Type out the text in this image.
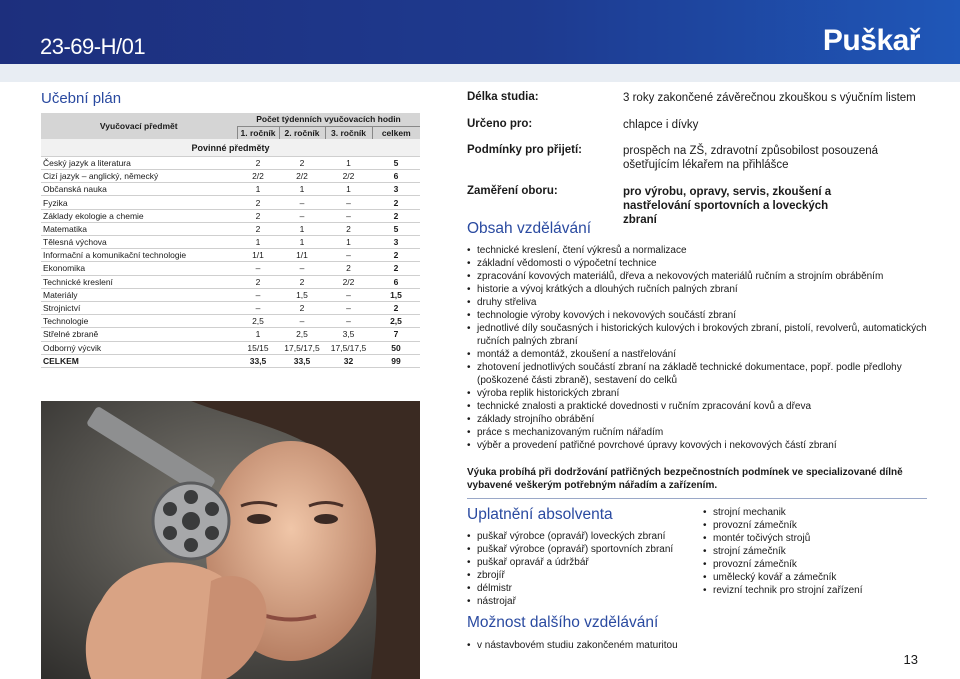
23-69-H/01	Puškař
Učební plán
Vyučovací předmět	Počet týdenních vyučovacích hodin			
	1. ročník	2. ročník	3. ročník	celkem
Povinné předměty				
Český jazyk a literatura	2	2	1	5
Cizí jazyk – anglický, německý	2/2	2/2	2/2	6
Občanská nauka	1	1	1	3
Fyzika	2	–	–	2
Základy ekologie a chemie	2	–	–	2
Matematika	2	1	2	5
Tělesná výchova	1	1	1	3
Informační a komunikační technologie	1/1	1/1	–	2
Ekonomika	–	–	2	2
Technické kreslení	2	2	2/2	6
Materiály	–	1,5	–	1,5
Strojnictví	–	2	–	2
Technologie	2,5	–	–	2,5
Střelné zbraně	1	2,5	3,5	7
Odborný výcvik	15/15	17,5/17,5	17,5/17,5	50
CELKEM	33,5	33,5	32	99
Délka studia:	3 roky zakončené závěrečnou zkouškou s výučním listem
Určeno pro:	chlapce i dívky
Podmínky pro přijetí:	prospěch na ZŠ, zdravotní způsobilost posouzená ošetřujícím lékařem na přihlášce
Zaměření oboru:	pro výrobu, opravy, servis, zkoušení a nastřelování sportovních a loveckých zbraní
Obsah vzdělávání
• technické kreslení, čtení výkresů a normalizace
• základní vědomosti o výpočetní technice
• zpracování kovových materiálů, dřeva a nekovových materiálů ručním a strojním obráběním
• historie a vývoj krátkých a dlouhých ručních palných zbraní
• druhy střeliva
• technologie výroby kovových i nekovových součástí zbraní
• jednotlivé díly současných i historických kulových i brokových zbraní, pistolí, revolverů, automatických ručních palných zbraní
• montáž a demontáž, zkoušení a nastřelování
• zhotovení jednotlivých součástí zbraní na základě technické dokumentace, popř. podle předlohy (poškozené části zbraně), sestavení do celků
• výroba replik historických zbraní
• technické znalosti a praktické dovednosti v ručním zpracování kovů a dřeva
• základy strojního obrábění
• práce s mechanizovaným ručním nářadím
• výběr a provedení patřičné povrchové úpravy kovových i nekovových částí zbraní
Výuka probíhá při dodržování patřičných bezpečnostních podmínek ve specializované dílně vybavené veškerým potřebným nářadím a zařízením.
Uplatnění absolventa
• puškař výrobce (opravář) loveckých zbraní
• puškař výrobce (opravář) sportovních zbraní
• puškař opravář a údržbář
• zbrojíř
• délmistr
• nástrojař
• strojní mechanik
• provozní zámečník
• montér točivých strojů
• strojní zámečník
• provozní zámečník
• umělecký kovář a zámečník
• revizní technik pro strojní zařízení
Možnost dalšího vzdělávání
• v nástavbovém studiu zakončeném maturitou
13
